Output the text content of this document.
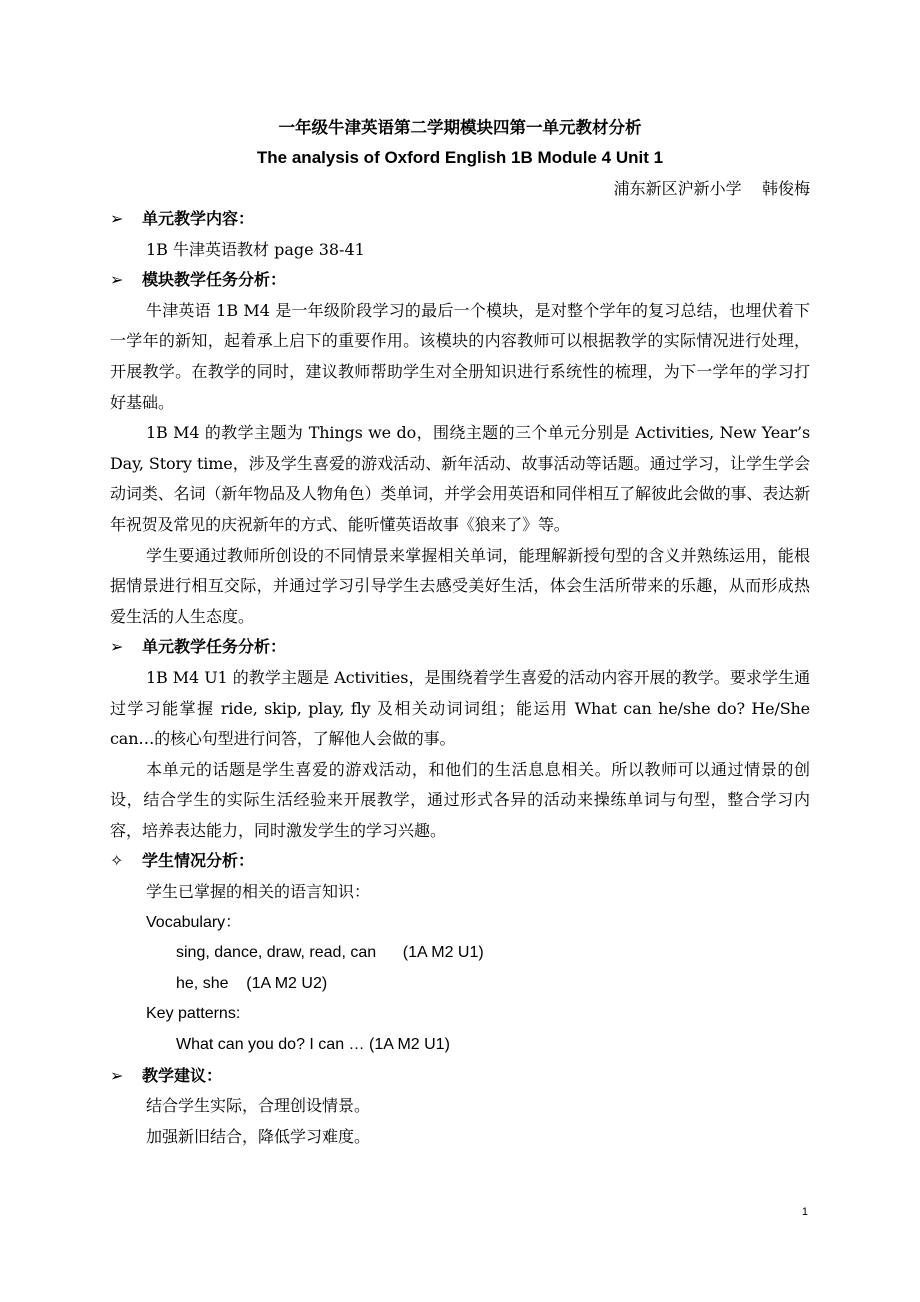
一年级牛津英语第二学期模块四第一单元教材分析
The analysis of Oxford English 1B Module 4 Unit 1
浦东新区沪新小学    韩俊梅

➢ 单元教学内容：

1B 牛津英语教材 page 38-41

➢ 模块教学任务分析：

牛津英语 1B M4 是一年级阶段学习的最后一个模块，是对整个学年的复习总结，也埋伏着下一学年的新知，起着承上启下的重要作用。该模块的内容教师可以根据教学的实际情况进行处理，开展教学。在教学的同时，建议教师帮助学生对全册知识进行系统性的梳理，为下一学年的学习打好基础。

1B M4 的教学主题为 Things we do，围绕主题的三个单元分别是 Activities, New Year’s Day, Story time，涉及学生喜爱的游戏活动、新年活动、故事活动等话题。通过学习，让学生学会动词类、名词（新年物品及人物角色）类单词，并学会用英语和同伴相互了解彼此会做的事、表达新年祝贺及常见的庆祝新年的方式、能听懂英语故事《狼来了》等。

学生要通过教师所创设的不同情景来掌握相关单词，能理解新授句型的含义并熟练运用，能根据情景进行相互交际，并通过学习引导学生去感受美好生活，体会生活所带来的乐趣，从而形成热爱生活的人生态度。

➢ 单元教学任务分析：

1B M4 U1 的教学主题是 Activities，是围绕着学生喜爱的活动内容开展的教学。要求学生通过学习能掌握 ride, skip, play, fly 及相关动词词组；能运用 What can he/she do? He/She can…的核心句型进行问答，了解他人会做的事。

本单元的话题是学生喜爱的游戏活动，和他们的生活息息相关。所以教师可以通过情景的创设，结合学生的实际生活经验来开展教学，通过形式各异的活动来操练单词与句型，整合学习内容，培养表达能力，同时激发学生的学习兴趣。

✧ 学生情况分析：

学生已掌握的相关的语言知识：

Vocabulary：

sing, dance, draw, read, can      (1A M2 U1)

he, she    (1A M2 U2)

Key patterns:

What can you do? I can … (1A M2 U1)

➢ 教学建议：

结合学生实际，合理创设情景。

加强新旧结合，降低学习难度。

1
